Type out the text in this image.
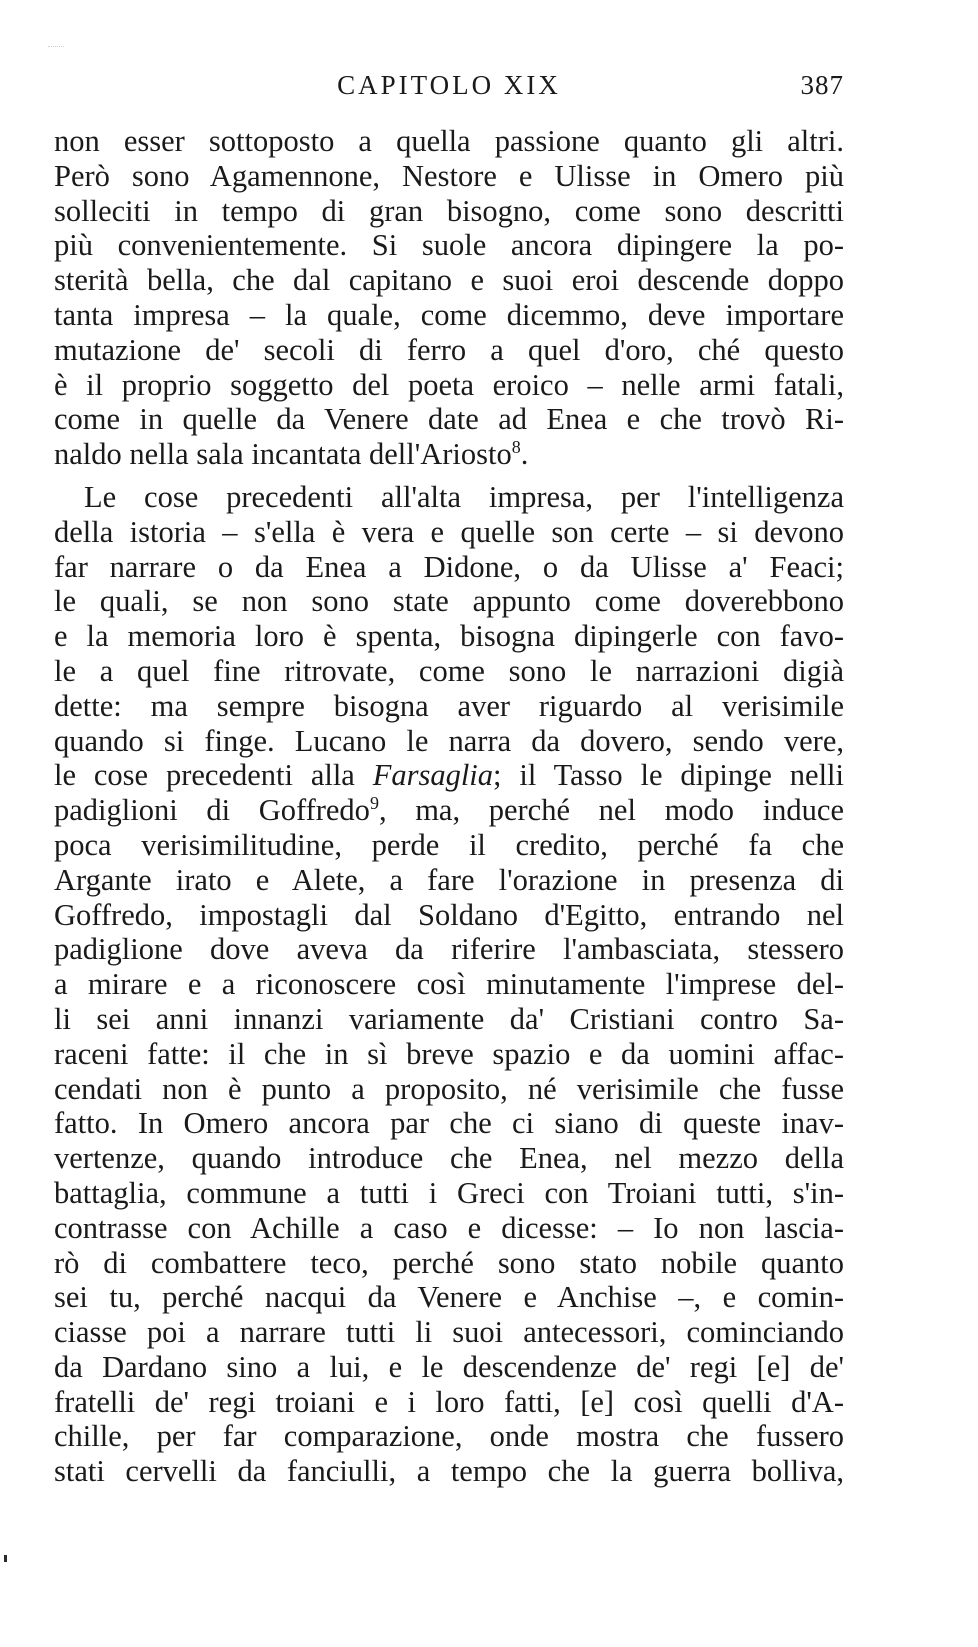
CAPITOLO XIX	387
non esser sottoposto a quella passione quanto gli altri.
Però sono Agamennone, Nestore e Ulisse in Omero più
solleciti in tempo di gran bisogno, come sono descritti
più convenientemente. Si suole ancora dipingere la po‑
sterità bella, che dal capitano e suoi eroi descende doppo
tanta impresa – la quale, come dicemmo, deve importare
mutazione de' secoli di ferro a quel d'oro, ché questo
è il proprio soggetto del poeta eroico – nelle armi fatali,
come in quelle da Venere date ad Enea e che trovò Ri‑
naldo nella sala incantata dell'Ariosto$^8$.
Le cose precedenti all'alta impresa, per l'intelligenza
della istoria – s'ella è vera e quelle son certe – si devono
far narrare o da Enea a Didone, o da Ulisse a' Feaci;
le quali, se non sono state appunto come doverebbono
e la memoria loro è spenta, bisogna dipingerle con favo‑
le a quel fine ritrovate, come sono le narrazioni digià
dette: ma sempre bisogna aver riguardo al verisimile
quando si finge. Lucano le narra da dovero, sendo vere,
le cose precedenti alla Farsaglia; il Tasso le dipinge nelli
padiglioni di Goffredo$^9$, ma, perché nel modo induce
poca verisimilitudine, perde il credito, perché fa che
Argante irato e Alete, a fare l'orazione in presenza di
Goffredo, impostagli dal Soldano d'Egitto, entrando nel
padiglione dove aveva da riferire l'ambasciata, stessero
a mirare e a riconoscere così minutamente l'imprese del‑
li sei anni innanzi variamente da' Cristiani contro Sa‑
raceni fatte: il che in sì breve spazio e da uomini affac‑
cendati non è punto a proposito, né verisimile che fusse
fatto. In Omero ancora par che ci siano di queste inav‑
vertenze, quando introduce che Enea, nel mezzo della
battaglia, commune a tutti i Greci con Troiani tutti, s'in‑
contrasse con Achille a caso e dicesse: – Io non lascia‑
rò di combattere teco, perché sono stato nobile quanto
sei tu, perché nacqui da Venere e Anchise –, e comin‑
ciasse poi a narrare tutti li suoi antecessori, cominciando
da Dardano sino a lui, e le descendenze de' regi [e] de'
fratelli de' regi troiani e i loro fatti, [e] così quelli d'A‑
chille, per far comparazione, onde mostra che fussero
stati cervelli da fanciulli, a tempo che la guerra bolliva,
